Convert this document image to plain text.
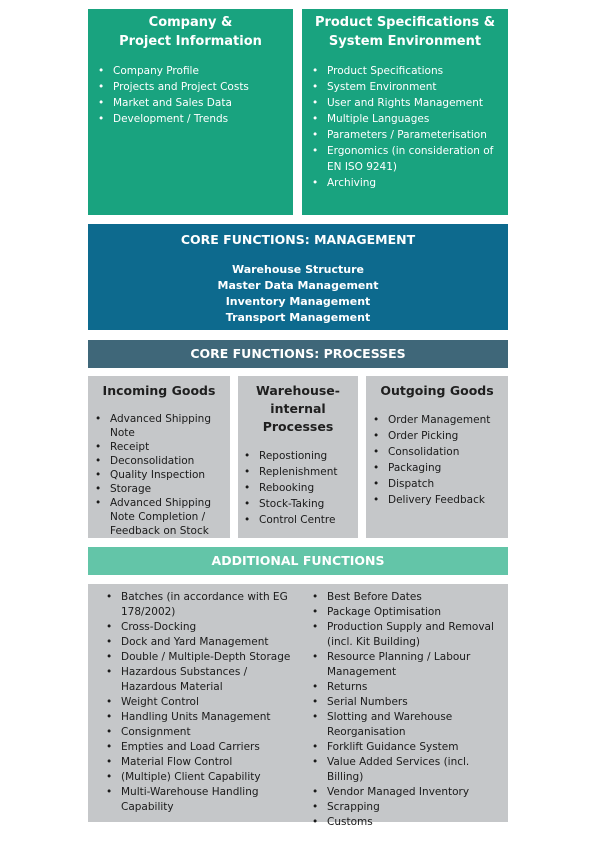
Company &
Project Information
• Company Profile
• Projects and Project Costs
• Market and Sales Data
• Development / Trends
Product Specifications &
System Environment
• Product Specifications
• System Environment
• User and Rights Management
• Multiple Languages
• Parameters / Parameterisation
• Ergonomics (in consideration of EN ISO 9241)
• Archiving
CORE FUNCTIONS: MANAGEMENT
Warehouse Structure
Master Data Management
Inventory Management
Transport Management
CORE FUNCTIONS: PROCESSES
Incoming Goods
• Advanced Shipping Note
• Receipt
• Deconsolidation
• Quality Inspection
• Storage
• Advanced Shipping Note Completion / Feedback on Stock
Warehouse-
internal Processes
• Repostioning
• Replenishment
• Rebooking
• Stock-Taking
• Control Centre
Outgoing Goods
• Order Management
• Order Picking
• Consolidation
• Packaging
• Dispatch
• Delivery Feedback
ADDITIONAL FUNCTIONS
• Batches (in accordance with EG 178/2002)
• Cross-Docking
• Dock and Yard Management
• Double / Multiple-Depth Storage
• Hazardous Substances / Hazardous Material
• Weight Control
• Handling Units Management
• Consignment
• Empties and Load Carriers
• Material Flow Control
• (Multiple) Client Capability
• Multi-Warehouse Handling Capability
• Best Before Dates
• Package Optimisation
• Production Supply and Removal (incl. Kit Building)
• Resource Planning / Labour Management
• Returns
• Serial Numbers
• Slotting and Warehouse Reorganisation
• Forklift Guidance System
• Value Added Services (incl. Billing)
• Vendor Managed Inventory
• Scrapping
• Customs
